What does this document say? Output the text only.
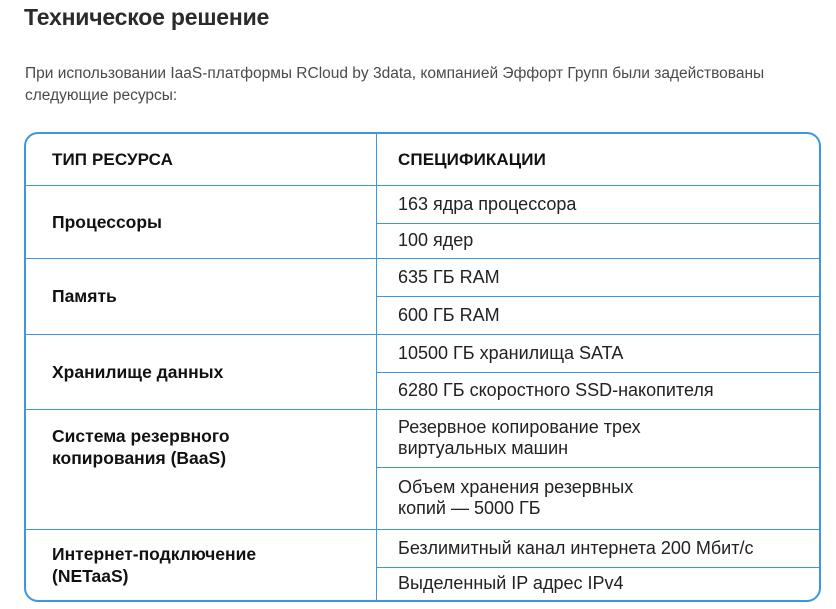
Техническое решение

При использовании IaaS-платформы RCloud by 3data, компанией Эффорт Групп были задействованы следующие ресурсы:

ТИП РЕСУРСА	СПЕЦИФИКАЦИИ
Процессоры
163 ядра процессора
100 ядер
Память
635 ГБ RAM
600 ГБ RAM
Хранилище данных
10500 ГБ хранилища SATA
6280 ГБ скоростного SSD-накопителя
Система резервного
копирования (BaaS)
Резервное копирование трех
виртуальных машин
Объем хранения резервных
копий — 5000 ГБ
Интернет-подключение
(NETaaS)
Безлимитный канал интернета 200 Мбит/с
Выделенный IP адрес IPv4
